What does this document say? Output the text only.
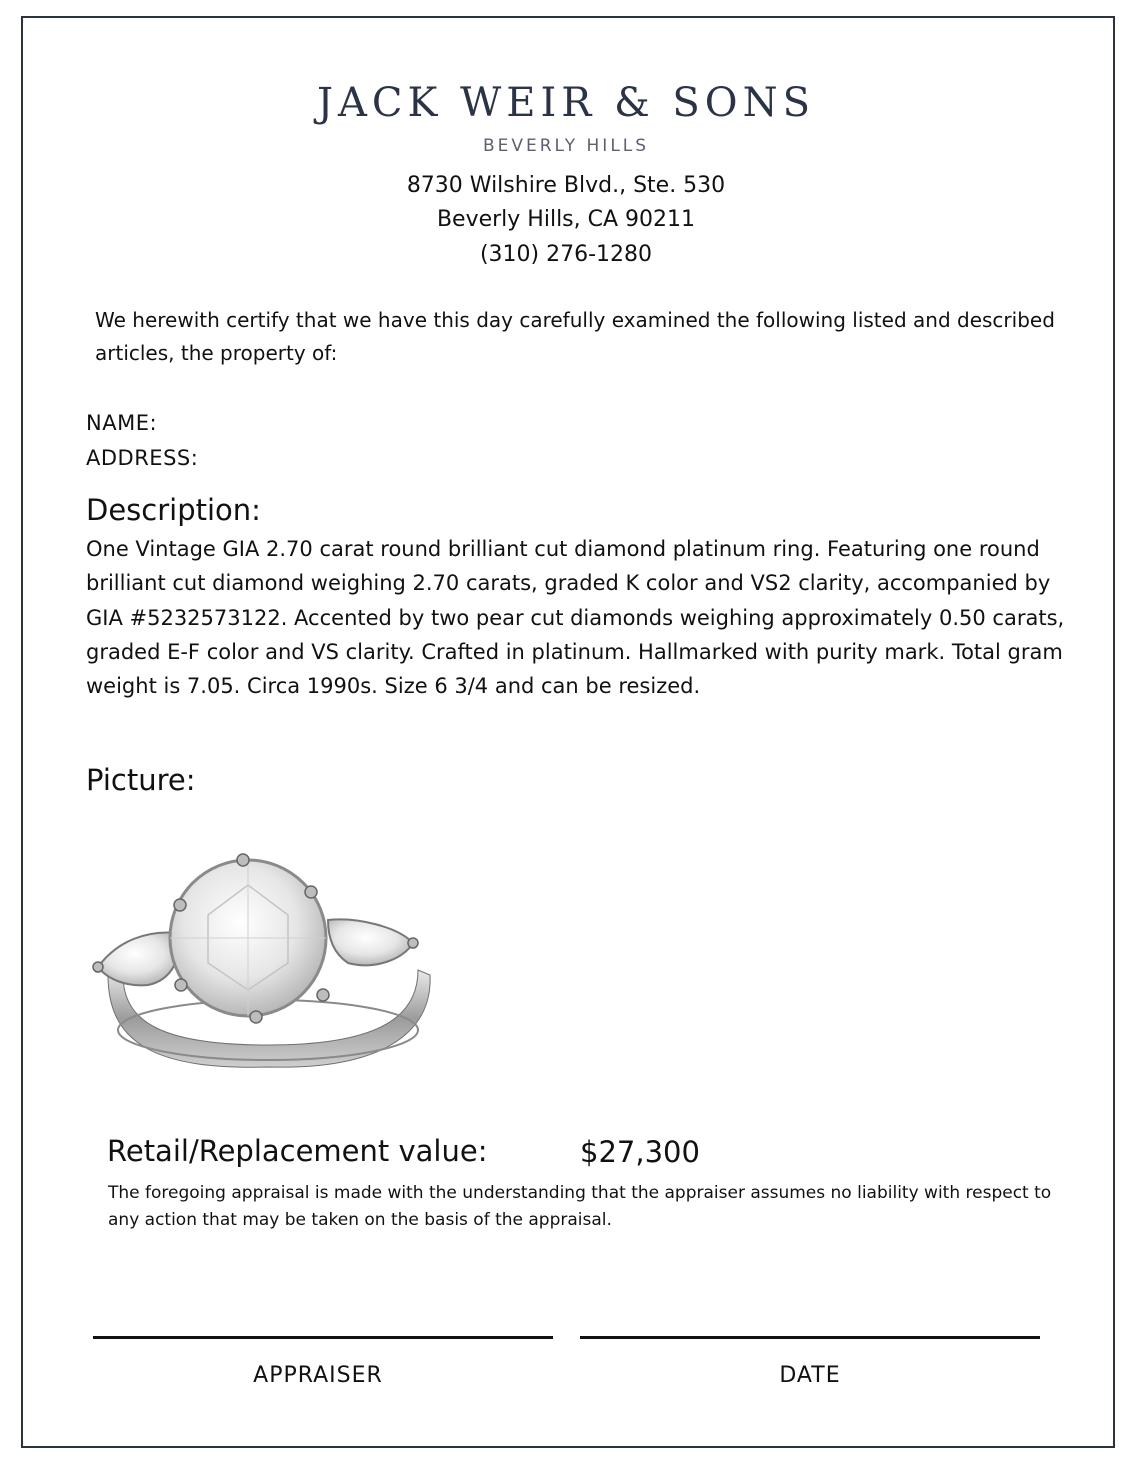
JACK WEIR & SONS
BEVERLY HILLS
8730 Wilshire Blvd., Ste. 530
Beverly Hills, CA 90211
(310) 276-1280

We herewith certify that we have this day carefully examined the following listed and described articles, the property of:

NAME:
ADDRESS:
Description:

One Vintage GIA 2.70 carat round brilliant cut diamond platinum ring. Featuring one round brilliant cut diamond weighing 2.70 carats, graded K color and VS2 clarity, accompanied by GIA #5232573122. Accented by two pear cut diamonds weighing approximately 0.50 carats, graded E-F color and VS clarity. Crafted in platinum. Hallmarked with purity mark. Total gram weight is 7.05. Circa 1990s. Size 6 3/4 and can be resized.

Picture:
Retail/Replacement value:	$27,300

The foregoing appraisal is made with the understanding that the appraiser assumes no liability with respect to any action that may be taken on the basis of the appraisal.

APPRAISER	DATE
